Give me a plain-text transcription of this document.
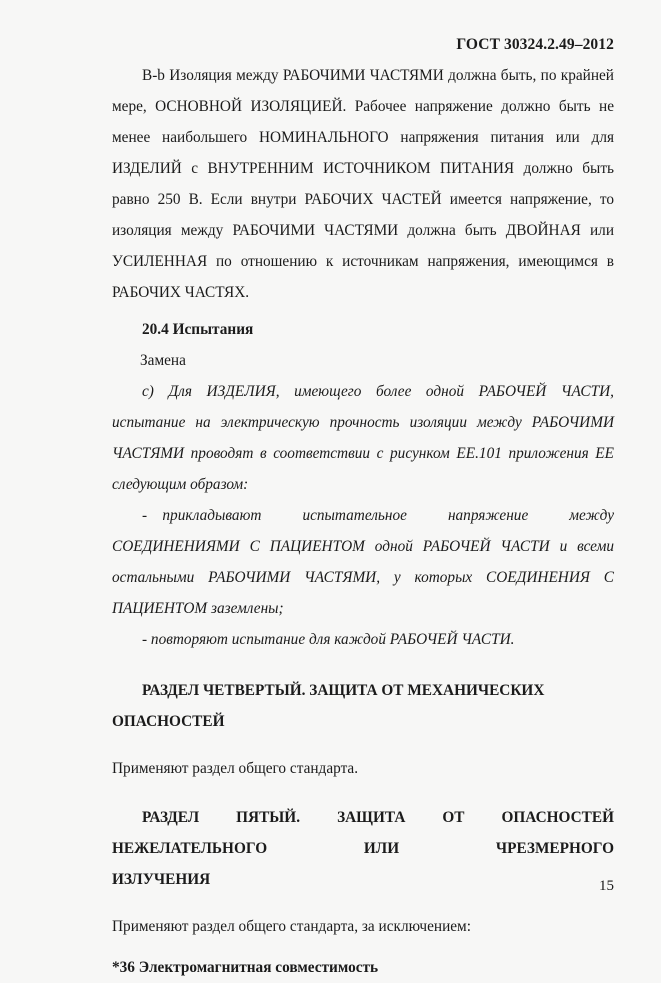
ГОСТ 30324.2.49–2012

B-b Изоляция между РАБОЧИМИ ЧАСТЯМИ должна быть, по крайней мере, ОСНОВНОЙ ИЗОЛЯЦИЕЙ. Рабочее напряжение должно быть не менее наибольшего НОМИНАЛЬНОГО напряжения питания или для ИЗДЕЛИЙ с ВНУТРЕННИМ ИСТОЧНИКОМ ПИТАНИЯ должно быть равно 250 В. Если внутри РАБОЧИХ ЧАСТЕЙ имеется напряжение, то изоляция между РАБОЧИМИ ЧАСТЯМИ должна быть ДВОЙНАЯ или УСИЛЕННАЯ по отношению к источникам напряжения, имеющимся в РАБОЧИХ ЧАСТЯХ.

20.4 Испытания

Замена

c) Для ИЗДЕЛИЯ, имеющего более одной РАБОЧЕЙ ЧАСТИ, испытание на электрическую прочность изоляции между РАБОЧИМИ ЧАСТЯМИ проводят в соответствии с рисунком ЕЕ.101 приложения ЕЕ следующим образом:

- прикладывают испытательное напряжение между СОЕДИНЕНИЯМИ С ПАЦИЕНТОМ одной РАБОЧЕЙ ЧАСТИ и всеми остальными РАБОЧИМИ ЧАСТЯМИ, у которых СОЕДИНЕНИЯ С ПАЦИЕНТОМ заземлены;

- повторяют испытание для каждой РАБОЧЕЙ ЧАСТИ.

РАЗДЕЛ ЧЕТВЕРТЫЙ. ЗАЩИТА ОТ МЕХАНИЧЕСКИХ
ОПАСНОСТЕЙ

Применяют раздел общего стандарта.

РАЗДЕЛ ПЯТЫЙ. ЗАЩИТА ОТ ОПАСНОСТЕЙ
НЕЖЕЛАТЕЛЬНОГО	ИЛИ	ЧРЕЗМЕРНОГО
ИЗЛУЧЕНИЯ

Применяют раздел общего стандарта, за исключением:

*36 Электромагнитная совместимость

15
